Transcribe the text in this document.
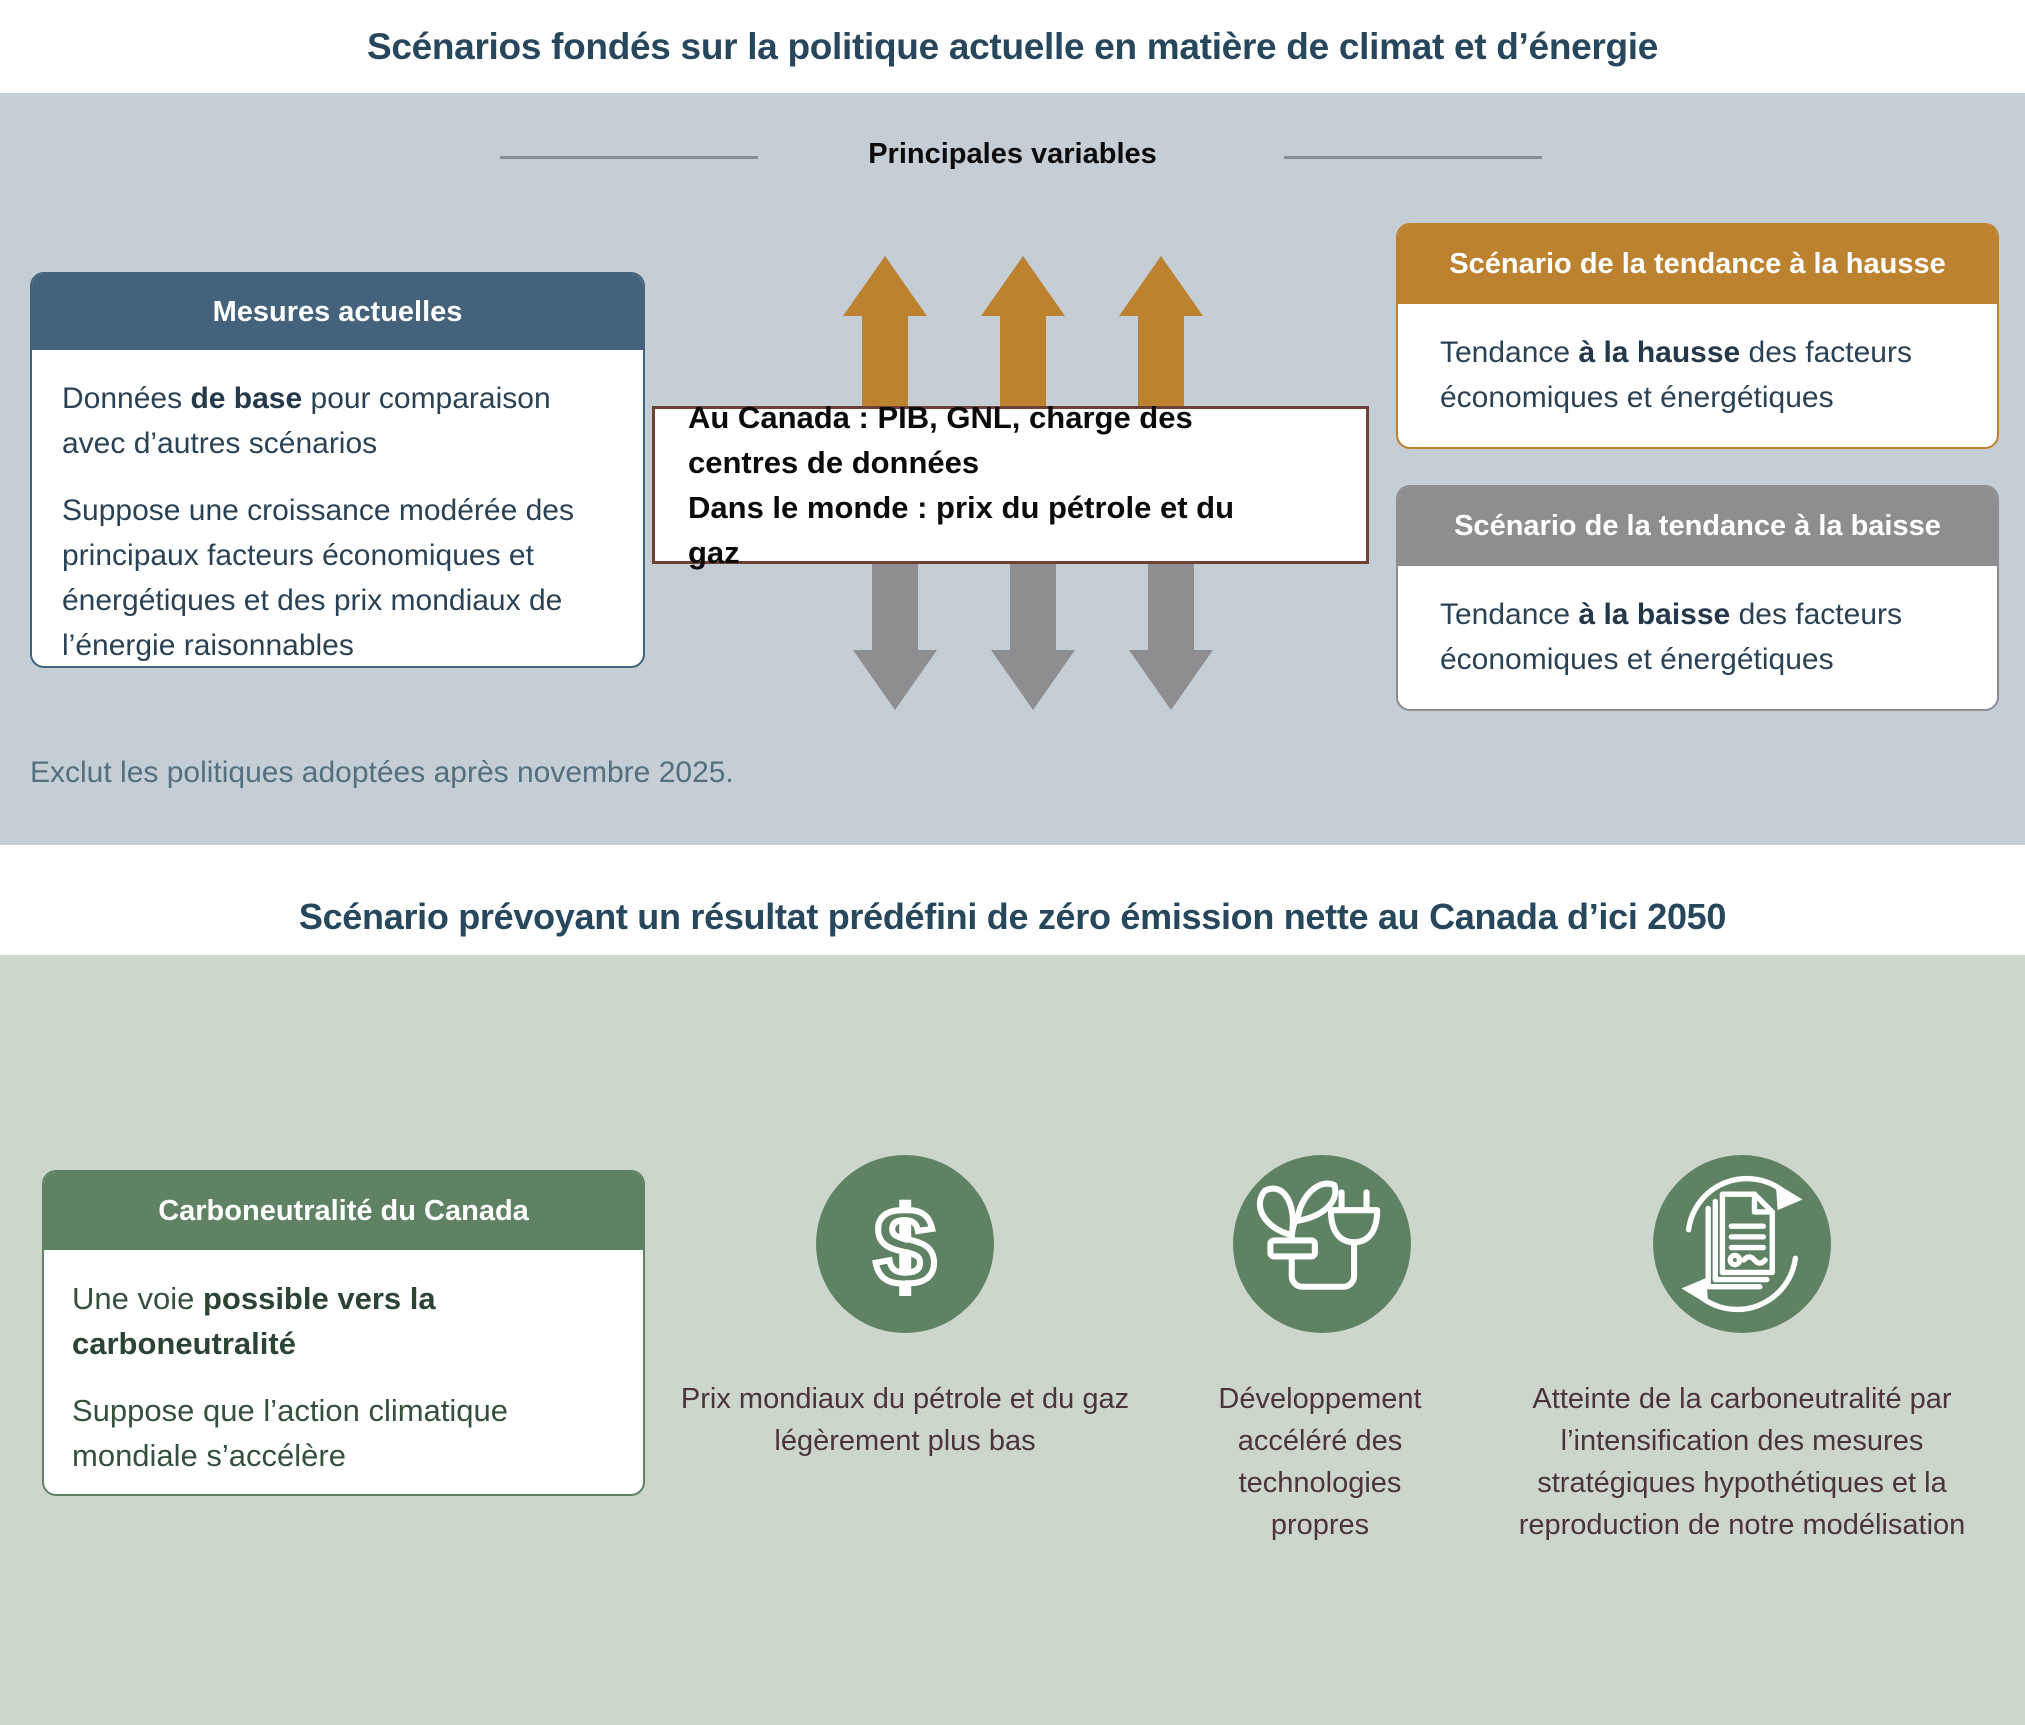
Scénarios fondés sur la politique actuelle en matière de climat et d’énergie
Principales variables
Mesures actuelles

Données de base pour comparaison avec d’autres scénarios

Suppose une croissance modérée des principaux facteurs économiques et énergétiques et des prix mondiaux de l’énergie raisonnables

Au Canada : PIB, GNL, charge des centres de données

Dans le monde : prix du pétrole et du gaz

Scénario de la tendance à la hausse

Tendance à la hausse des facteurs économiques et énergétiques

Scénario de la tendance à la baisse

Tendance à la baisse des facteurs économiques et énergétiques

Exclut les politiques adoptées après novembre 2025.
Scénario prévoyant un résultat prédéfini de zéro émission nette au Canada d’ici 2050
Carboneutralité du Canada

Une voie possible vers la carboneutralité

Suppose que l’action climatique mondiale s’accélère

$
Prix mondiaux du pétrole et du gaz légèrement plus bas
Développement accéléré des technologies propres
Atteinte de la carboneutralité par l’intensification des mesures stratégiques hypothétiques et la reproduction de notre modélisation
